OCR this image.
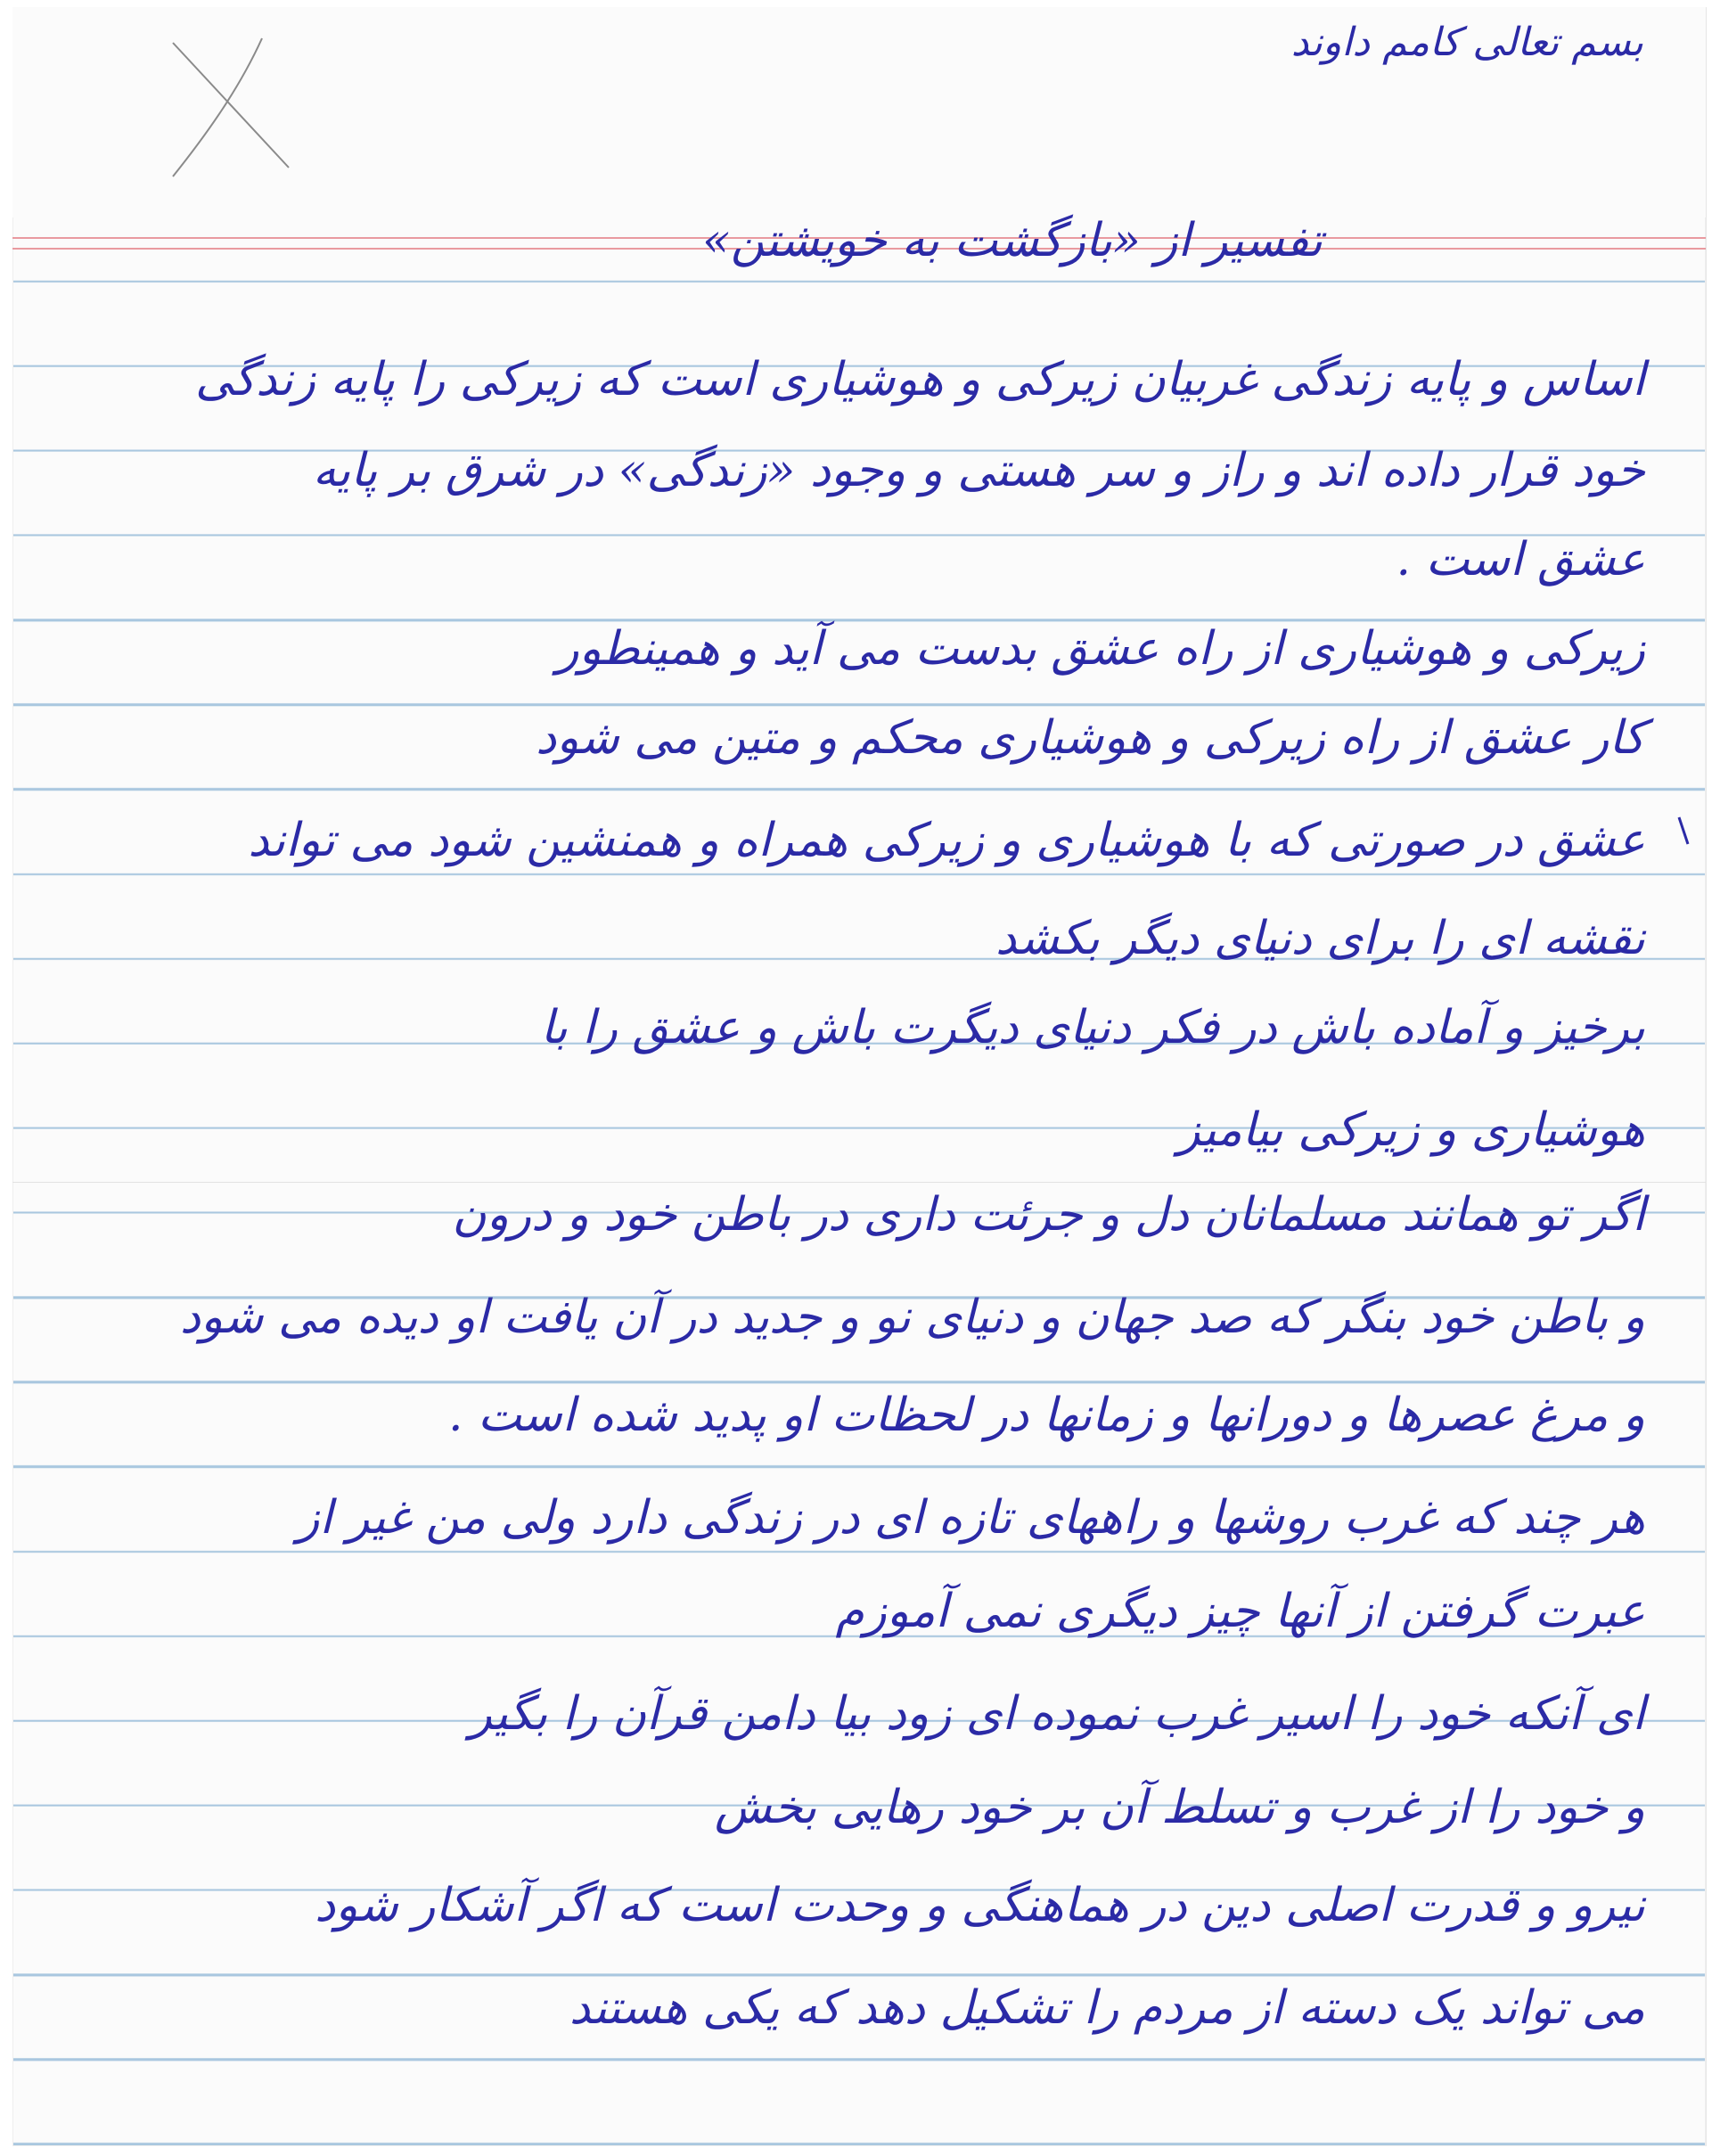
بسم تعالی کامم داوند
تفسیر از «بازگشت به خویشتن»
اساس و پایه زندگی غربیان زیرکی و هوشیاری است که زیرکی را پایه زندگی
خود قرار داده اند و راز و سر هستی و وجود «زندگی» در شرق بر پایه
عشق است .
زیرکی و هوشیاری از راه عشق بدست می آید و همینطور
کار عشق از راه زیرکی و هوشیاری محکم و متین می شود
عشق در صورتی که با هوشیاری و زیرکی همراه و همنشین شود می تواند
نقشه ای را برای دنیای دیگر بکشد
برخیز و آماده باش در فکر دنیای دیگرت باش و عشق را با
هوشیاری و زیرکی بیامیز
اگر تو همانند مسلمانان دل و جرئت داری در باطن خود و درون
و باطن خود بنگر که صد جهان و دنیای نو و جدید در آن یافت او دیده می شود
و مرغ عصرها و دورانها و زمانها در لحظات او پدید شده است .
هر چند که غرب روشها و راههای تازه ای در زندگی دارد ولی من غیر از
عبرت گرفتن از آنها چیز دیگری نمی آموزم
ای آنکه خود را اسیر غرب نموده ای زود بیا دامن قرآن را بگیر
و خود را از غرب و تسلط آن بر خود رهایی بخش
نیرو و قدرت اصلی دین در هماهنگی و وحدت است که اگر آشکار شود
می تواند یک دسته از مردم را تشکیل دهد که یکی هستند
